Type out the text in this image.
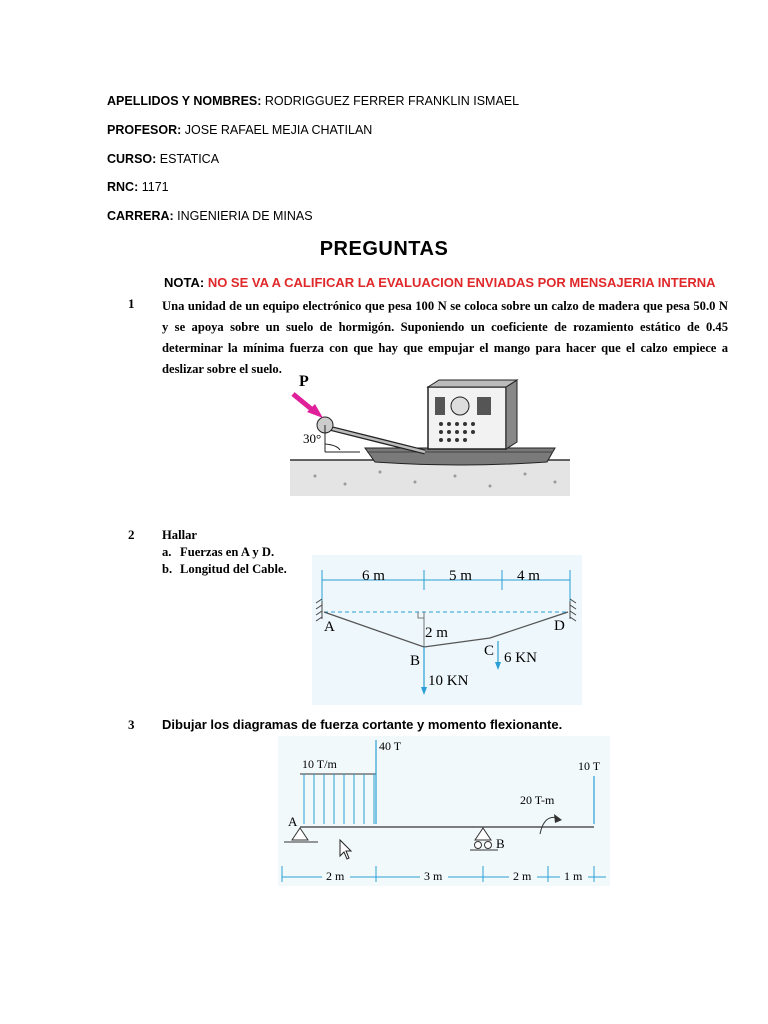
APELLIDOS Y NOMBRES: RODRIGGUEZ FERRER FRANKLIN ISMAEL
PROFESOR: JOSE RAFAEL MEJIA CHATILAN
CURSO: ESTATICA
RNC: 1171
CARRERA: INGENIERIA DE MINAS
PREGUNTAS
NOTA: NO SE VA A CALIFICAR LA EVALUACION ENVIADAS POR MENSAJERIA INTERNA
1 Una unidad de un equipo electrónico que pesa 100 N se coloca sobre un calzo de madera que pesa 50.0 N y se apoya sobre un suelo de hormigón. Suponiendo un coeficiente de rozamiento estático de 0.45 determinar la mínima fuerza con que hay que empujar el mango para hacer que el calzo empiece a deslizar sobre el suelo.
30°
P
2 Hallar
a. Fuerzas en A y D.
b. Longitud del Cable.	6 m	5 m	4 m
2 m
A
B
C
D
10 KN
6 KN
3 Dibujar los diagramas de fuerza cortante y momento flexionante.
10 T/m
40 T
10 T
20 T-m
A
B
2 m	3 m	2 m	1 m
